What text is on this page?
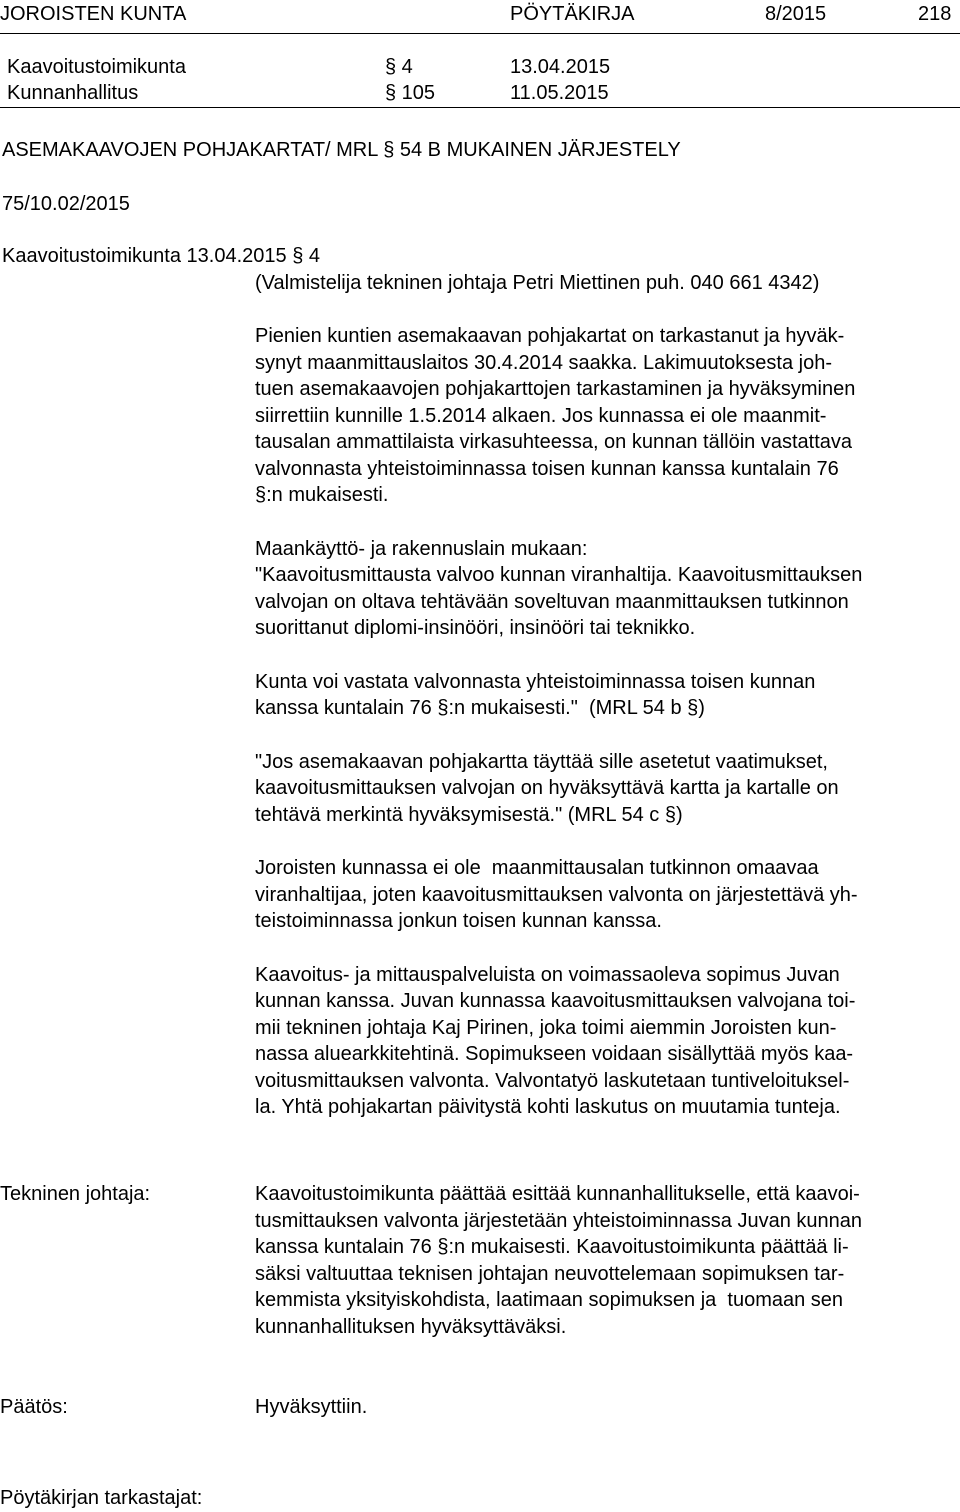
JOROISTEN KUNTA	PÖYTÄKIRJA	8/2015	218
Kaavoitustoimikunta	§ 4	13.04.2015
Kunnanhallitus	§ 105	11.05.2015
ASEMAKAAVOJEN POHJAKARTAT/ MRL § 54 B MUKAINEN JÄRJESTELY
75/10.02/2015
Kaavoitustoimikunta 13.04.2015 § 4
(Valmistelija tekninen johtaja Petri Miettinen puh. 040 661 4342)

Pienien kuntien asemakaavan pohjakartat on tarkastanut ja hyväk-
synyt maanmittauslaitos 30.4.2014 saakka. Lakimuutoksesta joh-
tuen asemakaavojen pohjakarttojen tarkastaminen ja hyväksyminen
siirrettiin kunnille 1.5.2014 alkaen. Jos kunnassa ei ole maanmit-
tausalan ammattilaista virkasuhteessa, on kunnan tällöin vastattava
valvonnasta yhteistoiminnassa toisen kunnan kanssa kuntalain 76
§:n mukaisesti.

Maankäyttö- ja rakennuslain mukaan:
"Kaavoitusmittausta valvoo kunnan viranhaltija. Kaavoitusmittauksen
valvojan on oltava tehtävään soveltuvan maanmittauksen tutkinnon
suorittanut diplomi-insinööri, insinööri tai teknikko.

Kunta voi vastata valvonnasta yhteistoiminnassa toisen kunnan
kanssa kuntalain 76 §:n mukaisesti."  (MRL 54 b §)

"Jos asemakaavan pohjakartta täyttää sille asetetut vaatimukset,
kaavoitusmittauksen valvojan on hyväksyttävä kartta ja kartalle on
tehtävä merkintä hyväksymisestä." (MRL 54 c §)

Joroisten kunnassa ei ole  maanmittausalan tutkinnon omaavaa
viranhaltijaa, joten kaavoitusmittauksen valvonta on järjestettävä yh-
teistoiminnassa jonkun toisen kunnan kanssa.

Kaavoitus- ja mittauspalveluista on voimassaoleva sopimus Juvan
kunnan kanssa. Juvan kunnassa kaavoitusmittauksen valvojana toi-
mii tekninen johtaja Kaj Pirinen, joka toimi aiemmin Joroisten kun-
nassa aluearkkitehtinä. Sopimukseen voidaan sisällyttää myös kaa-
voitusmittauksen valvonta. Valvontatyö laskutetaan tuntiveloituksel-
la. Yhtä pohjakartan päivitystä kohti laskutus on muutamia tunteja.

Tekninen johtaja:	Kaavoitustoimikunta päättää esittää kunnanhallitukselle, että kaavoi-
tusmittauksen valvonta järjestetään yhteistoiminnassa Juvan kunnan
kanssa kuntalain 76 §:n mukaisesti. Kaavoitustoimikunta päättää li-
säksi valtuuttaa teknisen johtajan neuvottelemaan sopimuksen tar-
kemmista yksityiskohdista, laatimaan sopimuksen ja  tuomaan sen
kunnanhallituksen hyväksyttäväksi.
Päätös:	Hyväksyttiin.
Pöytäkirjan tarkastajat:
